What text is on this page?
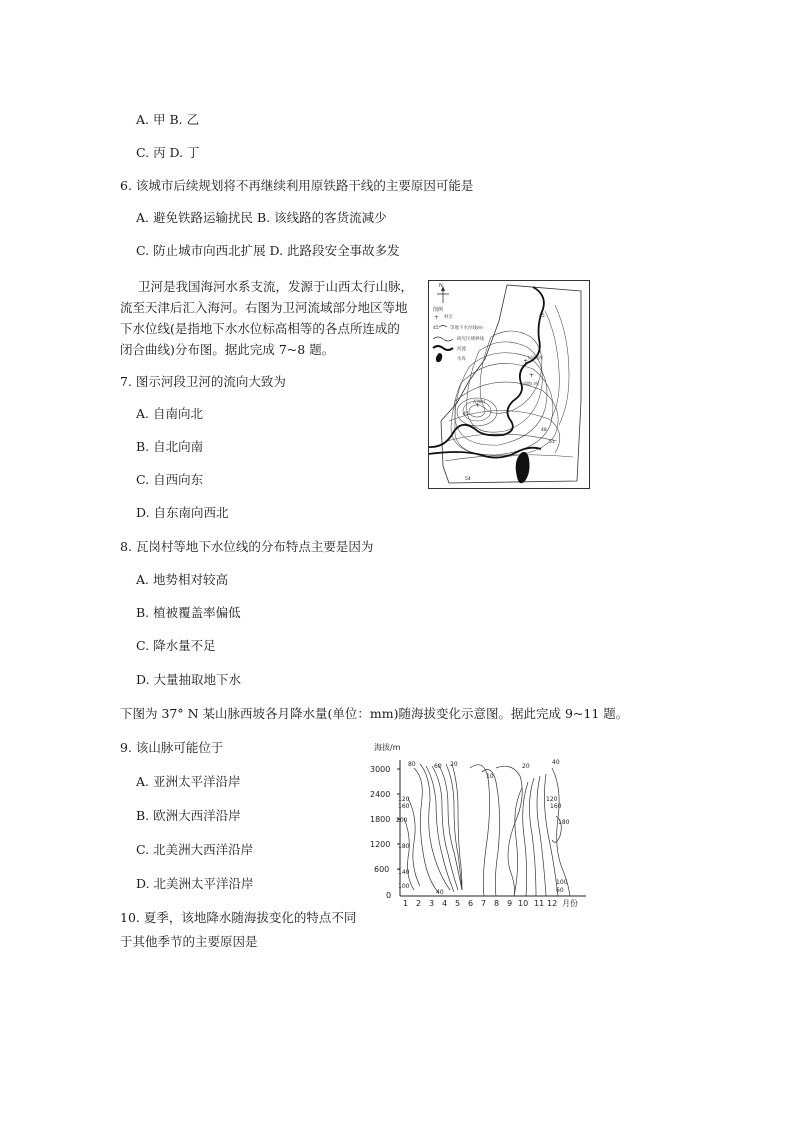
A. 甲 B. 乙
C. 丙 D. 丁
6. 该城市后续规划将不再继续利用原铁路干线的主要原因可能是
A. 避免铁路运输扰民 B. 该线路的客货流减少
C. 防止城市向西北扩展 D. 此路段安全事故多发
卫河是我国海河水系支流，发源于山西太行山脉，
流至天津后汇入海河。右图为卫河流域部分地区等地
下水位线(是指地下水水位标高相等的各点所连成的
闭合曲线)分布图。据此完成 7~8 题。
N
图例
+ 村庄
45	等地下水位线/m
研究区域界线
河流
水库	+
五里屯村
+
西塔口村
+
瓦岗村
45
45
48
51
54
7. 图示河段卫河的流向大致为
A. 自南向北
B. 自北向南
C. 自西向东
D. 自东南向西北
8. 瓦岗村等地下水位线的分布特点主要是因为
A. 地势相对较高
B. 植被覆盖率偏低
C. 降水量不足
D. 大量抽取地下水
下图为 37° N 某山脉西坡各月降水量(单位：mm)随海拔变化示意图。据此完成 9~11 题。
9. 该山脉可能位于
A. 亚洲太平洋沿岸
B. 欧洲大西洋沿岸
C. 北美洲大西洋沿岸
D. 北美洲太平洋沿岸
10. 夏季，该地降水随海拔变化的特点不同
于其他季节的主要原因是
海拔/m
3000
2400
1800
1200
600
0
1 2 3 4 5 6 7 8 9 10 11 12 月份
80	60 20
10
20
40
120
160
200
180
140
100
40
120
160
180
100
60
